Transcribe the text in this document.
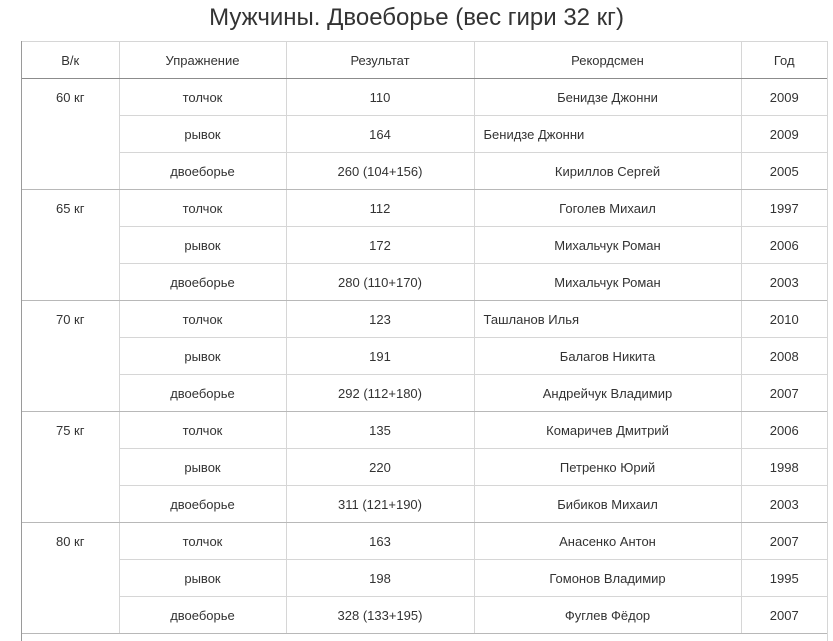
Мужчины. Двоеборье (вес гири 32 кг)
В/к	Упражнение	Результат	Рекордсмен	Год
60 кг	толчок	110	Бенидзе Джонни	2009
	рывок	164	Бенидзе Джонни	2009
	двоеборье	260 (104+156)	Кириллов Сергей	2005
65 кг	толчок	112	Гоголев Михаил	1997
	рывок	172	Михальчук Роман	2006
	двоеборье	280 (110+170)	Михальчук Роман	2003
70 кг	толчок	123	Ташланов Илья	2010
	рывок	191	Балагов Никита	2008
	двоеборье	292 (112+180)	Андрейчук Владимир	2007
75 кг	толчок	135	Комаричев Дмитрий	2006
	рывок	220	Петренко Юрий	1998
	двоеборье	311 (121+190)	Бибиков Михаил	2003
80 кг	толчок	163	Анасенко Антон	2007
	рывок	198	Гомонов Владимир	1995
	двоеборье	328 (133+195)	Фуглев Фёдор	2007
